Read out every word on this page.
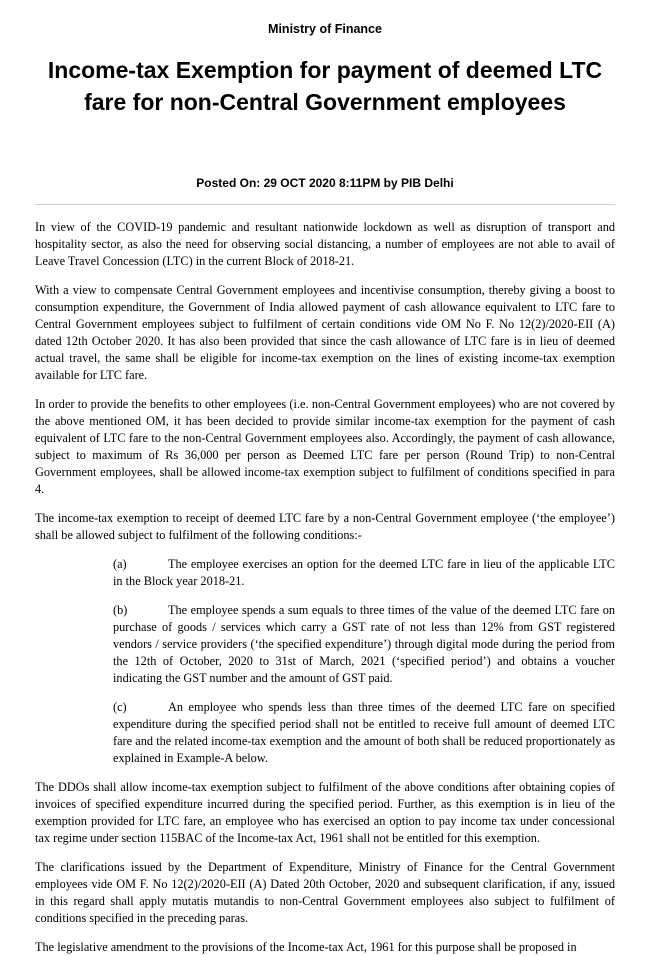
Ministry of Finance
Income-tax Exemption for payment of deemed LTC fare for non-Central Government employees
Posted On: 29 OCT 2020 8:11PM by PIB Delhi

In view of the COVID-19 pandemic and resultant nationwide lockdown as well as disruption of transport and hospitality sector, as also the need for observing social distancing, a number of employees are not able to avail of Leave Travel Concession (LTC) in the current Block of 2018-21.

With a view to compensate Central Government employees and incentivise consumption, thereby giving a boost to consumption expenditure, the Government of India allowed payment of cash allowance equivalent to LTC fare to Central Government employees subject to fulfilment of certain conditions vide OM No F. No 12(2)/2020-EII (A) dated 12th October 2020. It has also been provided that since the cash allowance of LTC fare is in lieu of deemed actual travel, the same shall be eligible for income-tax exemption on the lines of existing income-tax exemption available for LTC fare.

In order to provide the benefits to other employees (i.e. non-Central Government employees) who are not covered by the above mentioned OM, it has been decided to provide similar income-tax exemption for the payment of cash equivalent of LTC fare to the non-Central Government employees also. Accordingly, the payment of cash allowance, subject to maximum of Rs 36,000 per person as Deemed LTC fare per person (Round Trip) to non-Central Government employees, shall be allowed income-tax exemption subject to fulfilment of conditions specified in para 4.

The income-tax exemption to receipt of deemed LTC fare by a non-Central Government employee (‘the employee’) shall be allowed subject to fulfilment of the following conditions:-

(a)	The employee exercises an option for the deemed LTC fare in lieu of the applicable LTC in the Block year 2018-21.

(b)	The employee spends a sum equals to three times of the value of the deemed LTC fare on purchase of goods / services which carry a GST rate of not less than 12% from GST registered vendors / service providers (‘the specified expenditure’) through digital mode during the period from the 12th of October, 2020 to 31st of March, 2021 (‘specified period’) and obtains a voucher indicating the GST number and the amount of GST paid.

(c)	An employee who spends less than three times of the deemed LTC fare on specified expenditure during the specified period shall not be entitled to receive full amount of deemed LTC fare and the related income-tax exemption and the amount of both shall be reduced proportionately as explained in Example-A below.

The DDOs shall allow income-tax exemption subject to fulfilment of the above conditions after obtaining copies of invoices of specified expenditure incurred during the specified period. Further, as this exemption is in lieu of the exemption provided for LTC fare, an employee who has exercised an option to pay income tax under concessional tax regime under section 115BAC of the Income-tax Act, 1961 shall not be entitled for this exemption.

The clarifications issued by the Department of Expenditure, Ministry of Finance for the Central Government employees vide OM F. No 12(2)/2020-EII (A) Dated 20th October, 2020 and subsequent clarification, if any, issued in this regard shall apply mutatis mutandis to non-Central Government employees also subject to fulfilment of conditions specified in the preceding paras.

The legislative amendment to the provisions of the Income-tax Act, 1961 for this purpose shall be proposed in
